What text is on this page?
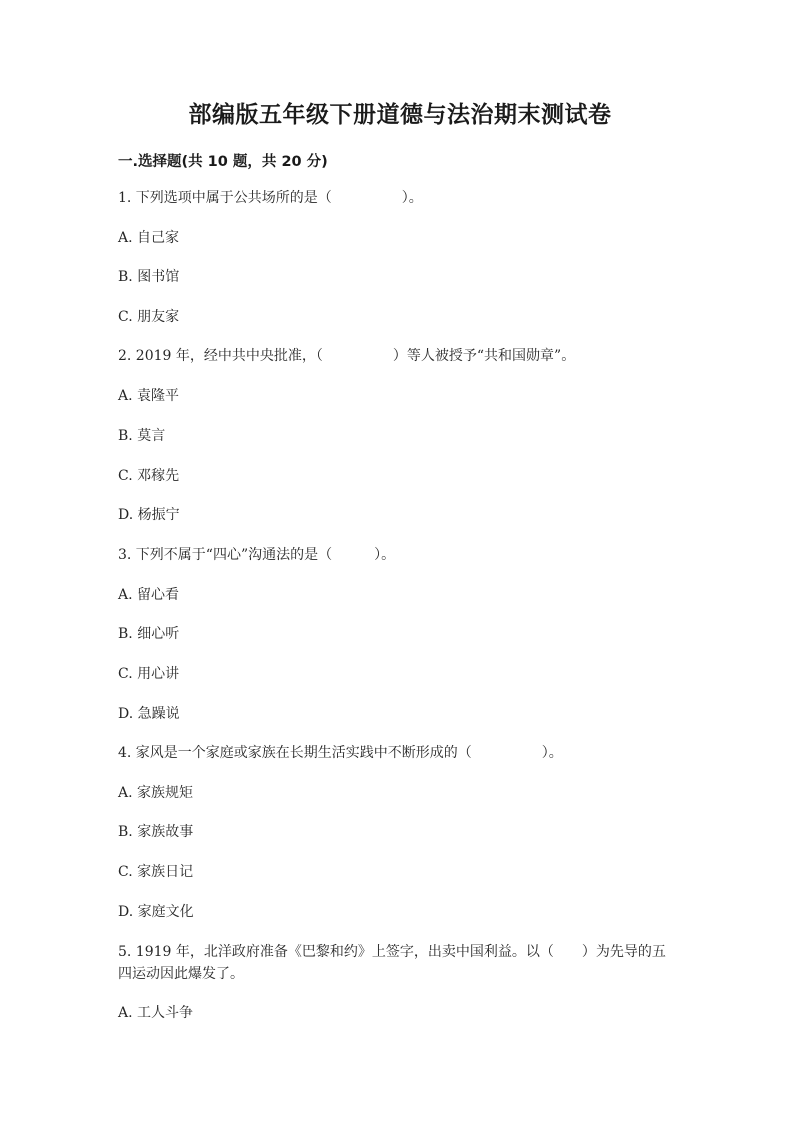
部编版五年级下册道德与法治期末测试卷
一.选择题(共 10 题，共 20 分)
1. 下列选项中属于公共场所的是（　　　　　）。
A. 自己家
B. 图书馆
C. 朋友家
2. 2019 年，经中共中央批准，（　　　　　）等人被授予“共和国勋章”。
A. 袁隆平
B. 莫言
C. 邓稼先
D. 杨振宁
3. 下列不属于“四心”沟通法的是（　　　）。
A. 留心看
B. 细心听
C. 用心讲
D. 急躁说
4. 家风是一个家庭或家族在长期生活实践中不断形成的（　　　　　）。
A. 家族规矩
B. 家族故事
C. 家族日记
D. 家庭文化
5. 1919 年，北洋政府准备《巴黎和约》上签字，出卖中国利益。以（　　）为先导的五四运动因此爆发了。
A. 工人斗争
